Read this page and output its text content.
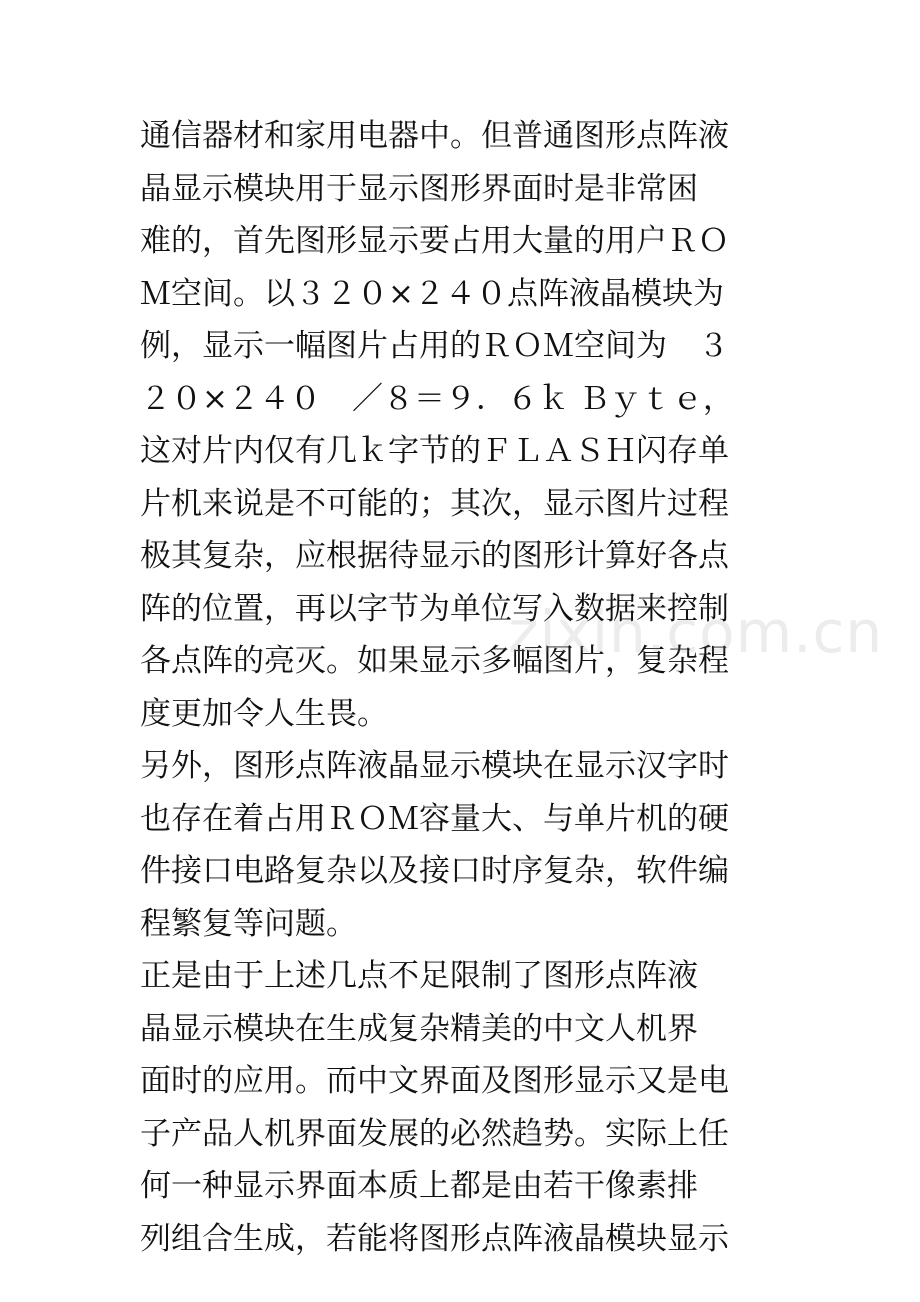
通信器材和家用电器中。但普通图形点阵液
晶显示模块用于显示图形界面时是非常困
难的，首先图形显示要占用大量的用户ＲＯ
Ｍ空间。以３２０×２４０点阵液晶模块为
例，显示一幅图片占用的ＲＯＭ空间为　３
２０×２４０　／８＝９．６ｋ Ｂｙｔｅ，
这对片内仅有几ｋ字节的ＦＬＡＳＨ闪存单
片机来说是不可能的；其次，显示图片过程
极其复杂，应根据待显示的图形计算好各点
阵的位置，再以字节为单位写入数据来控制
各点阵的亮灭。如果显示多幅图片，复杂程
度更加令人生畏。
另外，图形点阵液晶显示模块在显示汉字时
也存在着占用ＲＯＭ容量大、与单片机的硬
件接口电路复杂以及接口时序复杂，软件编
程繁复等问题。
正是由于上述几点不足限制了图形点阵液
晶显示模块在生成复杂精美的中文人机界
面时的应用。而中文界面及图形显示又是电
子产品人机界面发展的必然趋势。实际上任
何一种显示界面本质上都是由若干像素排
列组合生成，若能将图形点阵液晶模块显示
zixin.com.cn
